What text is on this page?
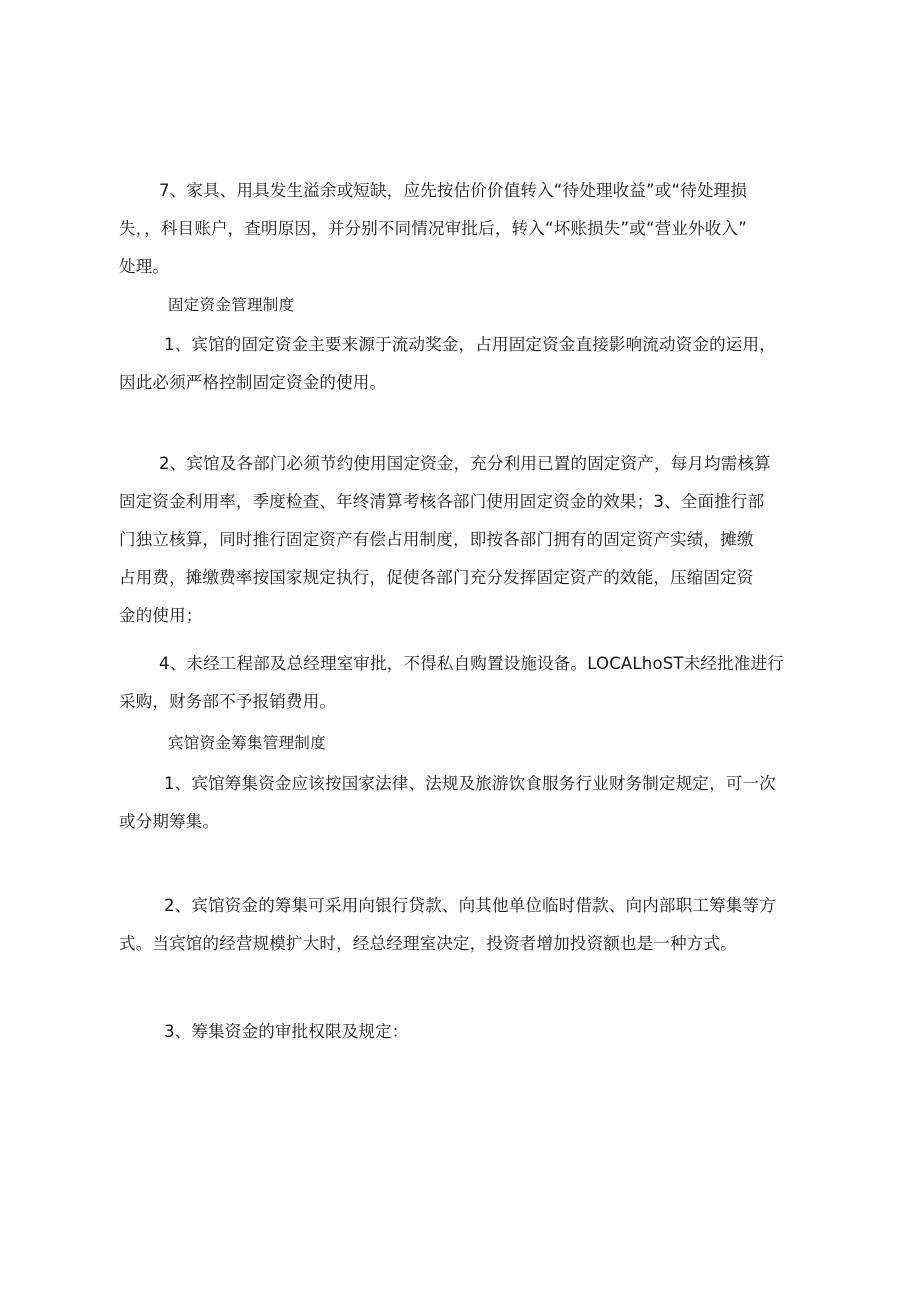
7、家具、用具发生溢余或短缺，应先按估价价值转入“待处理收益”或“待处理损
失，，科目账户，查明原因，并分别不同情况审批后，转入“坏账损失”或“营业外收入”
处理。
固定资金管理制度
1、宾馆的固定资金主要来源于流动奖金，占用固定资金直接影响流动资金的运用，
因此必须严格控制固定资金的使用。
2、宾馆及各部门必须节约使用国定资金，充分利用已置的固定资产，每月均需核算
固定资金利用率，季度检查、年终清算考核各部门使用固定资金的效果；3、全面推行部
门独立核算，同时推行固定资产有偿占用制度，即按各部门拥有的固定资产实绩，摊缴
占用费，摊缴费率按国家规定执行，促使各部门充分发挥固定资产的效能，压缩固定资
金的使用；
4、未经工程部及总经理室审批，不得私自购置设施设备。LOCALhoST未经批准进行
采购，财务部不予报销费用。
宾馆资金筹集管理制度
1、宾馆筹集资金应该按国家法律、法规及旅游饮食服务行业财务制定规定，可一次
或分期筹集。
2、宾馆资金的筹集可采用向银行贷款、向其他单位临时借款、向内部职工筹集等方
式。当宾馆的经营规模扩大时，经总经理室决定，投资者增加投资额也是一种方式。
3、筹集资金的审批权限及规定：
